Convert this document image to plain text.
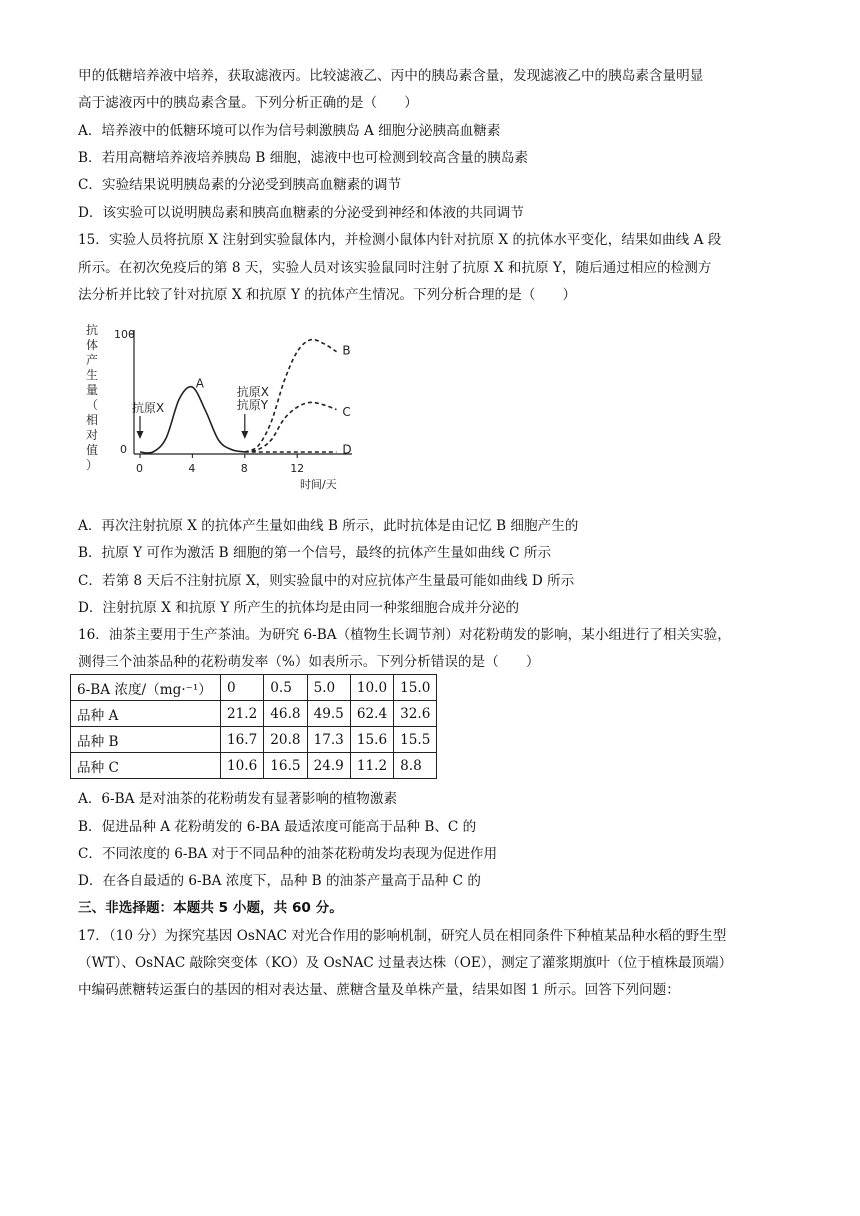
甲的低糖培养液中培养，获取滤液丙。比较滤液乙、丙中的胰岛素含量，发现滤液乙中的胰岛素含量明显
高于滤液丙中的胰岛素含量。下列分析正确的是（　　）
A．培养液中的低糖环境可以作为信号刺激胰岛 A 细胞分泌胰高血糖素
B．若用高糖培养液培养胰岛 B 细胞，滤液中也可检测到较高含量的胰岛素
C．实验结果说明胰岛素的分泌受到胰高血糖素的调节
D．该实验可以说明胰岛素和胰高血糖素的分泌受到神经和体液的共同调节
15．实验人员将抗原 X 注射到实验鼠体内，并检测小鼠体内针对抗原 X 的抗体水平变化，结果如曲线 A 段
所示。在初次免疫后的第 8 天，实验人员对该实验鼠同时注射了抗原 X 和抗原 Y，随后通过相应的检测方
法分析并比较了针对抗原 X 和抗原 Y 的抗体产生情况。下列分析合理的是（　　）
抗
体
产
生
量
（
相
对
值
）
100
0
0	4	8	12
时间/天
抗原X
抗原X
抗原Y
A
B
C
D
A．再次注射抗原 X 的抗体产生量如曲线 B 所示，此时抗体是由记忆 B 细胞产生的
B．抗原 Y 可作为激活 B 细胞的第一个信号，最终的抗体产生量如曲线 C 所示
C．若第 8 天后不注射抗原 X，则实验鼠中的对应抗体产生量最可能如曲线 D 所示
D．注射抗原 X 和抗原 Y 所产生的抗体均是由同一种浆细胞合成并分泌的
16．油茶主要用于生产茶油。为研究 6-BA（植物生长调节剂）对花粉萌发的影响，某小组进行了相关实验，
测得三个油茶品种的花粉萌发率（%）如表所示。下列分析错误的是（　　）
6-BA 浓度/（mg·⁻¹）	0	0.5	5.0	10.0	15.0
品种 A	21.2	46.8	49.5	62.4	32.6
品种 B	16.7	20.8	17.3	15.6	15.5
品种 C	10.6	16.5	24.9	11.2	8.8
A．6-BA 是对油茶的花粉萌发有显著影响的植物激素
B．促进品种 A 花粉萌发的 6-BA 最适浓度可能高于品种 B、C 的
C．不同浓度的 6-BA 对于不同品种的油茶花粉萌发均表现为促进作用
D．在各自最适的 6-BA 浓度下，品种 B 的油茶产量高于品种 C 的
三、非选择题：本题共 5 小题，共 60 分。
17．（10 分）为探究基因 OsNAC 对光合作用的影响机制，研究人员在相同条件下种植某品种水稻的野生型
（WT）、OsNAC 敲除突变体（KO）及 OsNAC 过量表达株（OE），测定了灌浆期旗叶（位于植株最顶端）
中编码蔗糖转运蛋白的基因的相对表达量、蔗糖含量及单株产量，结果如图 1 所示。回答下列问题：
